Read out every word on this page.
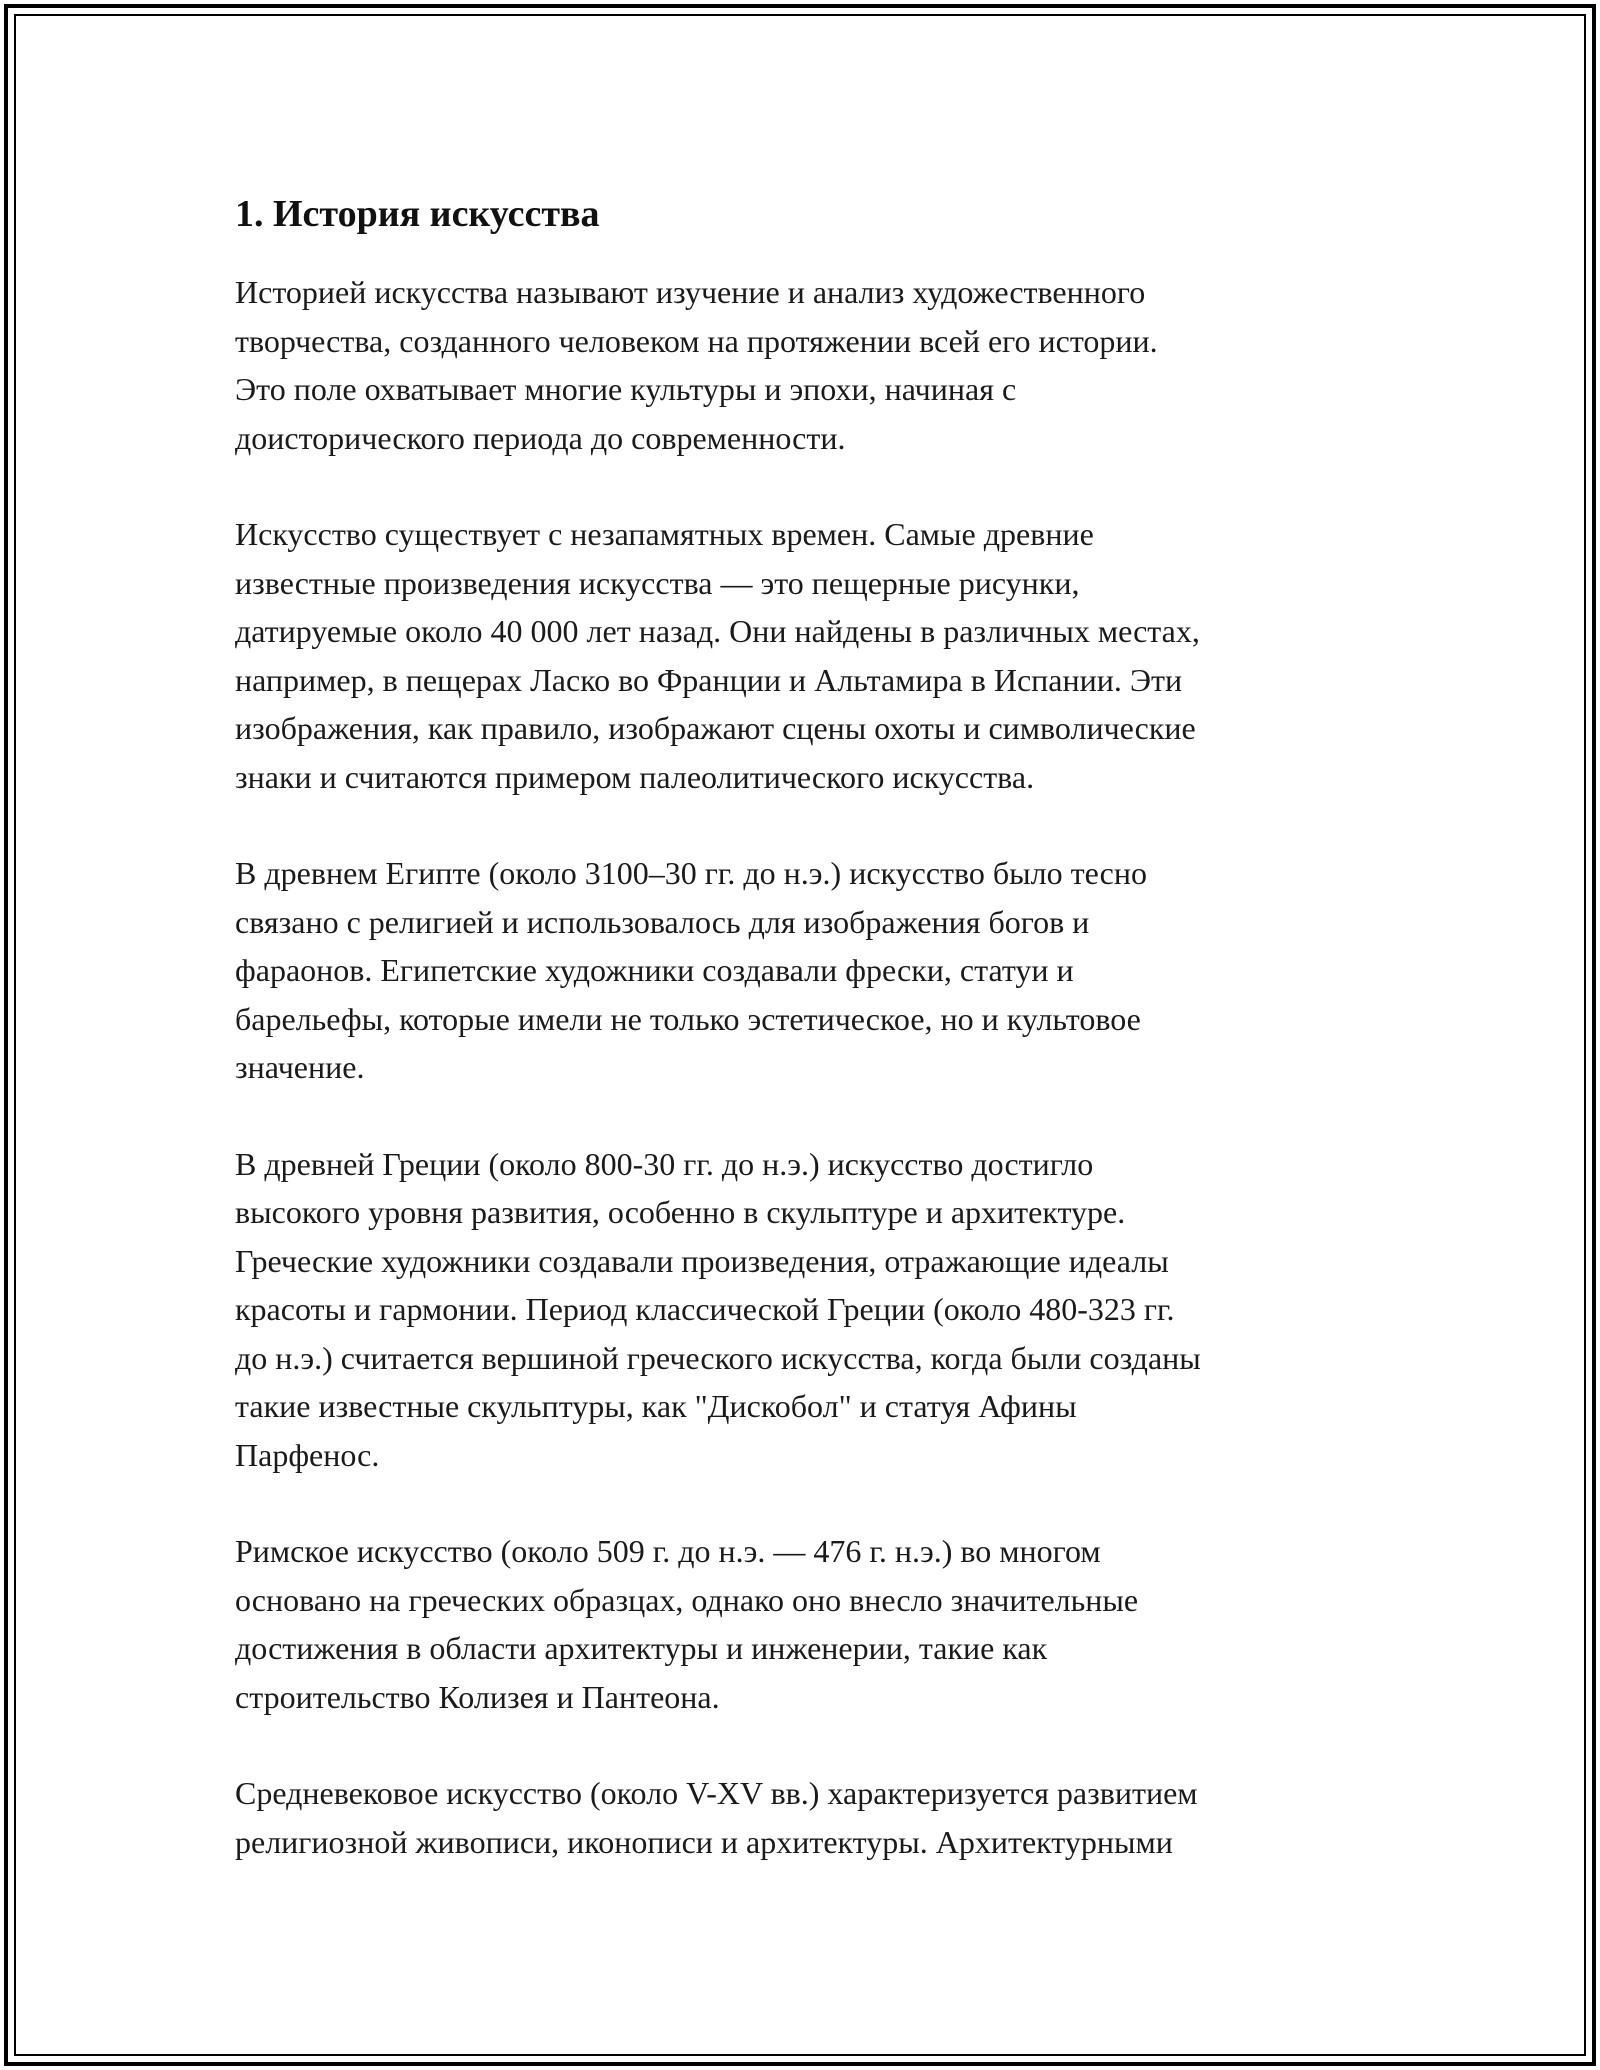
1. История искусства

Историей искусства называют изучение и анализ художественного
творчества, созданного человеком на протяжении всей его истории.
Это поле охватывает многие культуры и эпохи, начиная с
доисторического периода до современности.

Искусство существует с незапамятных времен. Самые древние
известные произведения искусства — это пещерные рисунки,
датируемые около 40 000 лет назад. Они найдены в различных местах,
например, в пещерах Ласко во Франции и Альтамира в Испании. Эти
изображения, как правило, изображают сцены охоты и символические
знаки и считаются примером палеолитического искусства.

В древнем Египте (около 3100–30 гг. до н.э.) искусство было тесно
связано с религией и использовалось для изображения богов и
фараонов. Египетские художники создавали фрески, статуи и
барельефы, которые имели не только эстетическое, но и культовое
значение.

В древней Греции (около 800-30 гг. до н.э.) искусство достигло
высокого уровня развития, особенно в скульптуре и архитектуре.
Греческие художники создавали произведения, отражающие идеалы
красоты и гармонии. Период классической Греции (около 480-323 гг.
до н.э.) считается вершиной греческого искусства, когда были созданы
такие известные скульптуры, как "Дискобол" и статуя Афины
Парфенос.

Римское искусство (около 509 г. до н.э. — 476 г. н.э.) во многом
основано на греческих образцах, однако оно внесло значительные
достижения в области архитектуры и инженерии, такие как
строительство Колизея и Пантеона.

Средневековое искусство (около V-XV вв.) характеризуется развитием
религиозной живописи, иконописи и архитектуры. Архитектурными
